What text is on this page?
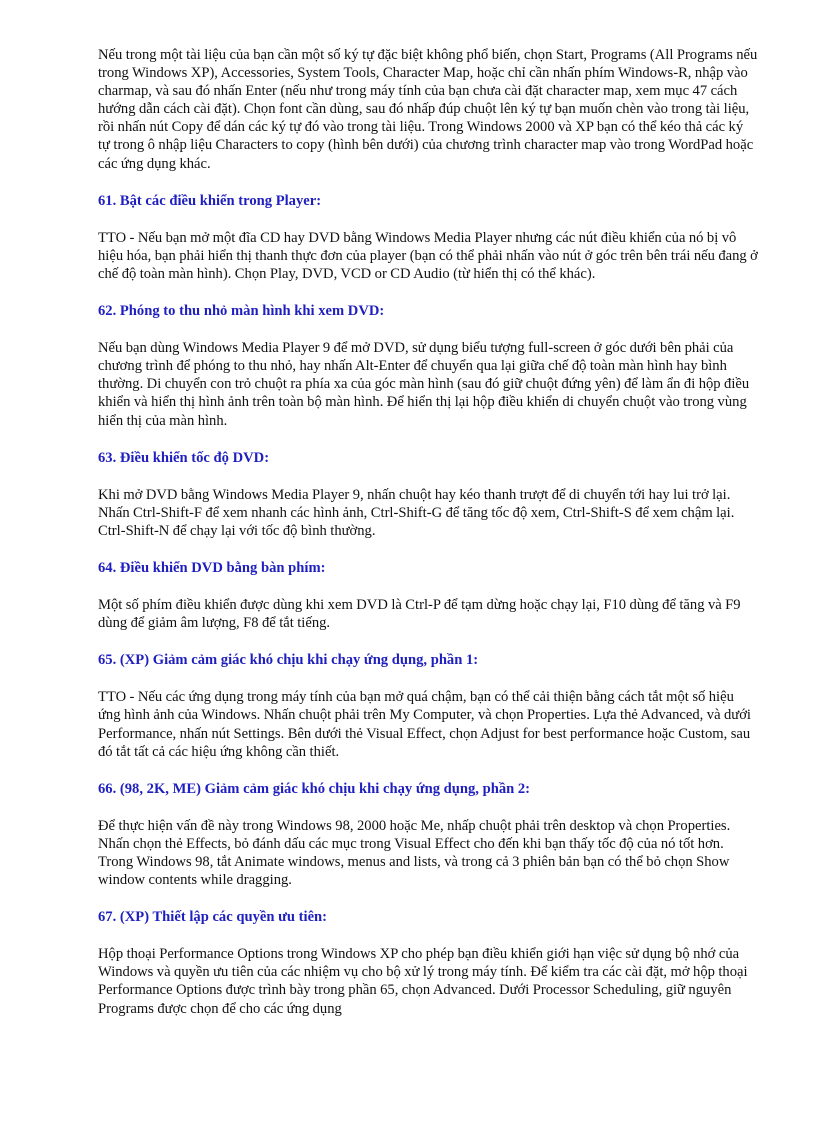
Nếu trong một tài liệu của bạn cần một số ký tự đặc biệt không phổ biến, chọn Start, Programs (All Programs nếu trong Windows XP), Accessories, System Tools, Character Map, hoặc chỉ cần nhấn phím Windows-R, nhập vào charmap, và sau đó nhấn Enter (nếu như trong máy tính của bạn chưa cài đặt character map, xem mục 47 cách hướng dẫn cách cài đặt). Chọn font cần dùng, sau đó nhấp đúp chuột lên ký tự bạn muốn chèn vào trong tài liệu, rồi nhấn nút Copy để dán các ký tự đó vào trong tài liệu. Trong Windows 2000 và XP bạn có thể kéo thả các ký tự trong ô nhập liệu Characters to copy (hình bên dưới) của chương trình character map vào trong WordPad hoặc các ứng dụng khác.

61. Bật các điều khiển trong Player:

TTO - Nếu bạn mở một đĩa CD hay DVD bằng Windows Media Player nhưng các nút điều khiển của nó bị vô hiệu hóa, bạn phải hiển thị thanh thực đơn của player (bạn có thể phải nhấn vào nút ở góc trên bên trái nếu đang ở chế độ toàn màn hình). Chọn Play, DVD, VCD or CD Audio (từ hiển thị có thể khác).

62. Phóng to thu nhỏ màn hình khi xem DVD:

Nếu bạn dùng Windows Media Player 9 để mở DVD, sử dụng biểu tượng full-screen ở góc dưới bên phải của chương trình để phóng to thu nhỏ, hay nhấn Alt-Enter để chuyển qua lại giữa chế độ toàn màn hình hay bình thường. Di chuyển con trỏ chuột ra phía xa của góc màn hình (sau đó giữ chuột đứng yên) để làm ẩn đi hộp điều khiển và hiển thị hình ảnh trên toàn bộ màn hình. Để hiển thị lại hộp điều khiển di chuyển chuột vào trong vùng hiển thị của màn hình.

63. Điều khiển tốc độ DVD:

Khi mở DVD bằng Windows Media Player 9, nhấn chuột hay kéo thanh trượt để di chuyển tới hay lui trở lại. Nhấn Ctrl-Shift-F để xem nhanh các hình ảnh, Ctrl-Shift-G để tăng tốc độ xem, Ctrl-Shift-S để xem chậm lại. Ctrl-Shift-N để chạy lại với tốc độ bình thường.

64. Điều khiển DVD bằng bàn phím:

Một số phím điều khiển được dùng khi xem DVD là Ctrl-P để tạm dừng hoặc chạy lại, F10 dùng để tăng và F9 dùng để giảm âm lượng, F8 để tắt tiếng.

65. (XP) Giảm cảm giác khó chịu khi chạy ứng dụng, phần 1:

TTO - Nếu các ứng dụng trong máy tính của bạn mở quá chậm, bạn có thể cải thiện bằng cách tắt một số hiệu ứng hình ảnh của Windows. Nhấn chuột phải trên My Computer, và chọn Properties. Lựa thẻ Advanced, và dưới Performance, nhấn nút Settings. Bên dưới thẻ Visual Effect, chọn Adjust for best performance hoặc Custom, sau đó tắt tất cả các hiệu ứng không cần thiết.

66. (98, 2K, ME) Giảm cảm giác khó chịu khi chạy ứng dụng, phần 2:

Để thực hiện vấn đề này trong Windows 98, 2000 hoặc Me, nhấp chuột phải trên desktop và chọn Properties. Nhấn chọn thẻ Effects, bỏ đánh dấu các mục trong Visual Effect cho đến khi bạn thấy tốc độ của nó tốt hơn. Trong Windows 98, tắt Animate windows, menus and lists, và trong cả 3 phiên bản bạn có thể bỏ chọn Show window contents while dragging.

67. (XP) Thiết lập các quyền ưu tiên:

Hộp thoại Performance Options trong Windows XP cho phép bạn điều khiển giới hạn việc sử dụng bộ nhớ của Windows và quyền ưu tiên của các nhiệm vụ cho bộ xử lý trong máy tính. Để kiểm tra các cài đặt, mở hộp thoại Performance Options được trình bày trong phần 65, chọn Advanced. Dưới Processor Scheduling, giữ nguyên Programs được chọn để cho các ứng dụng
